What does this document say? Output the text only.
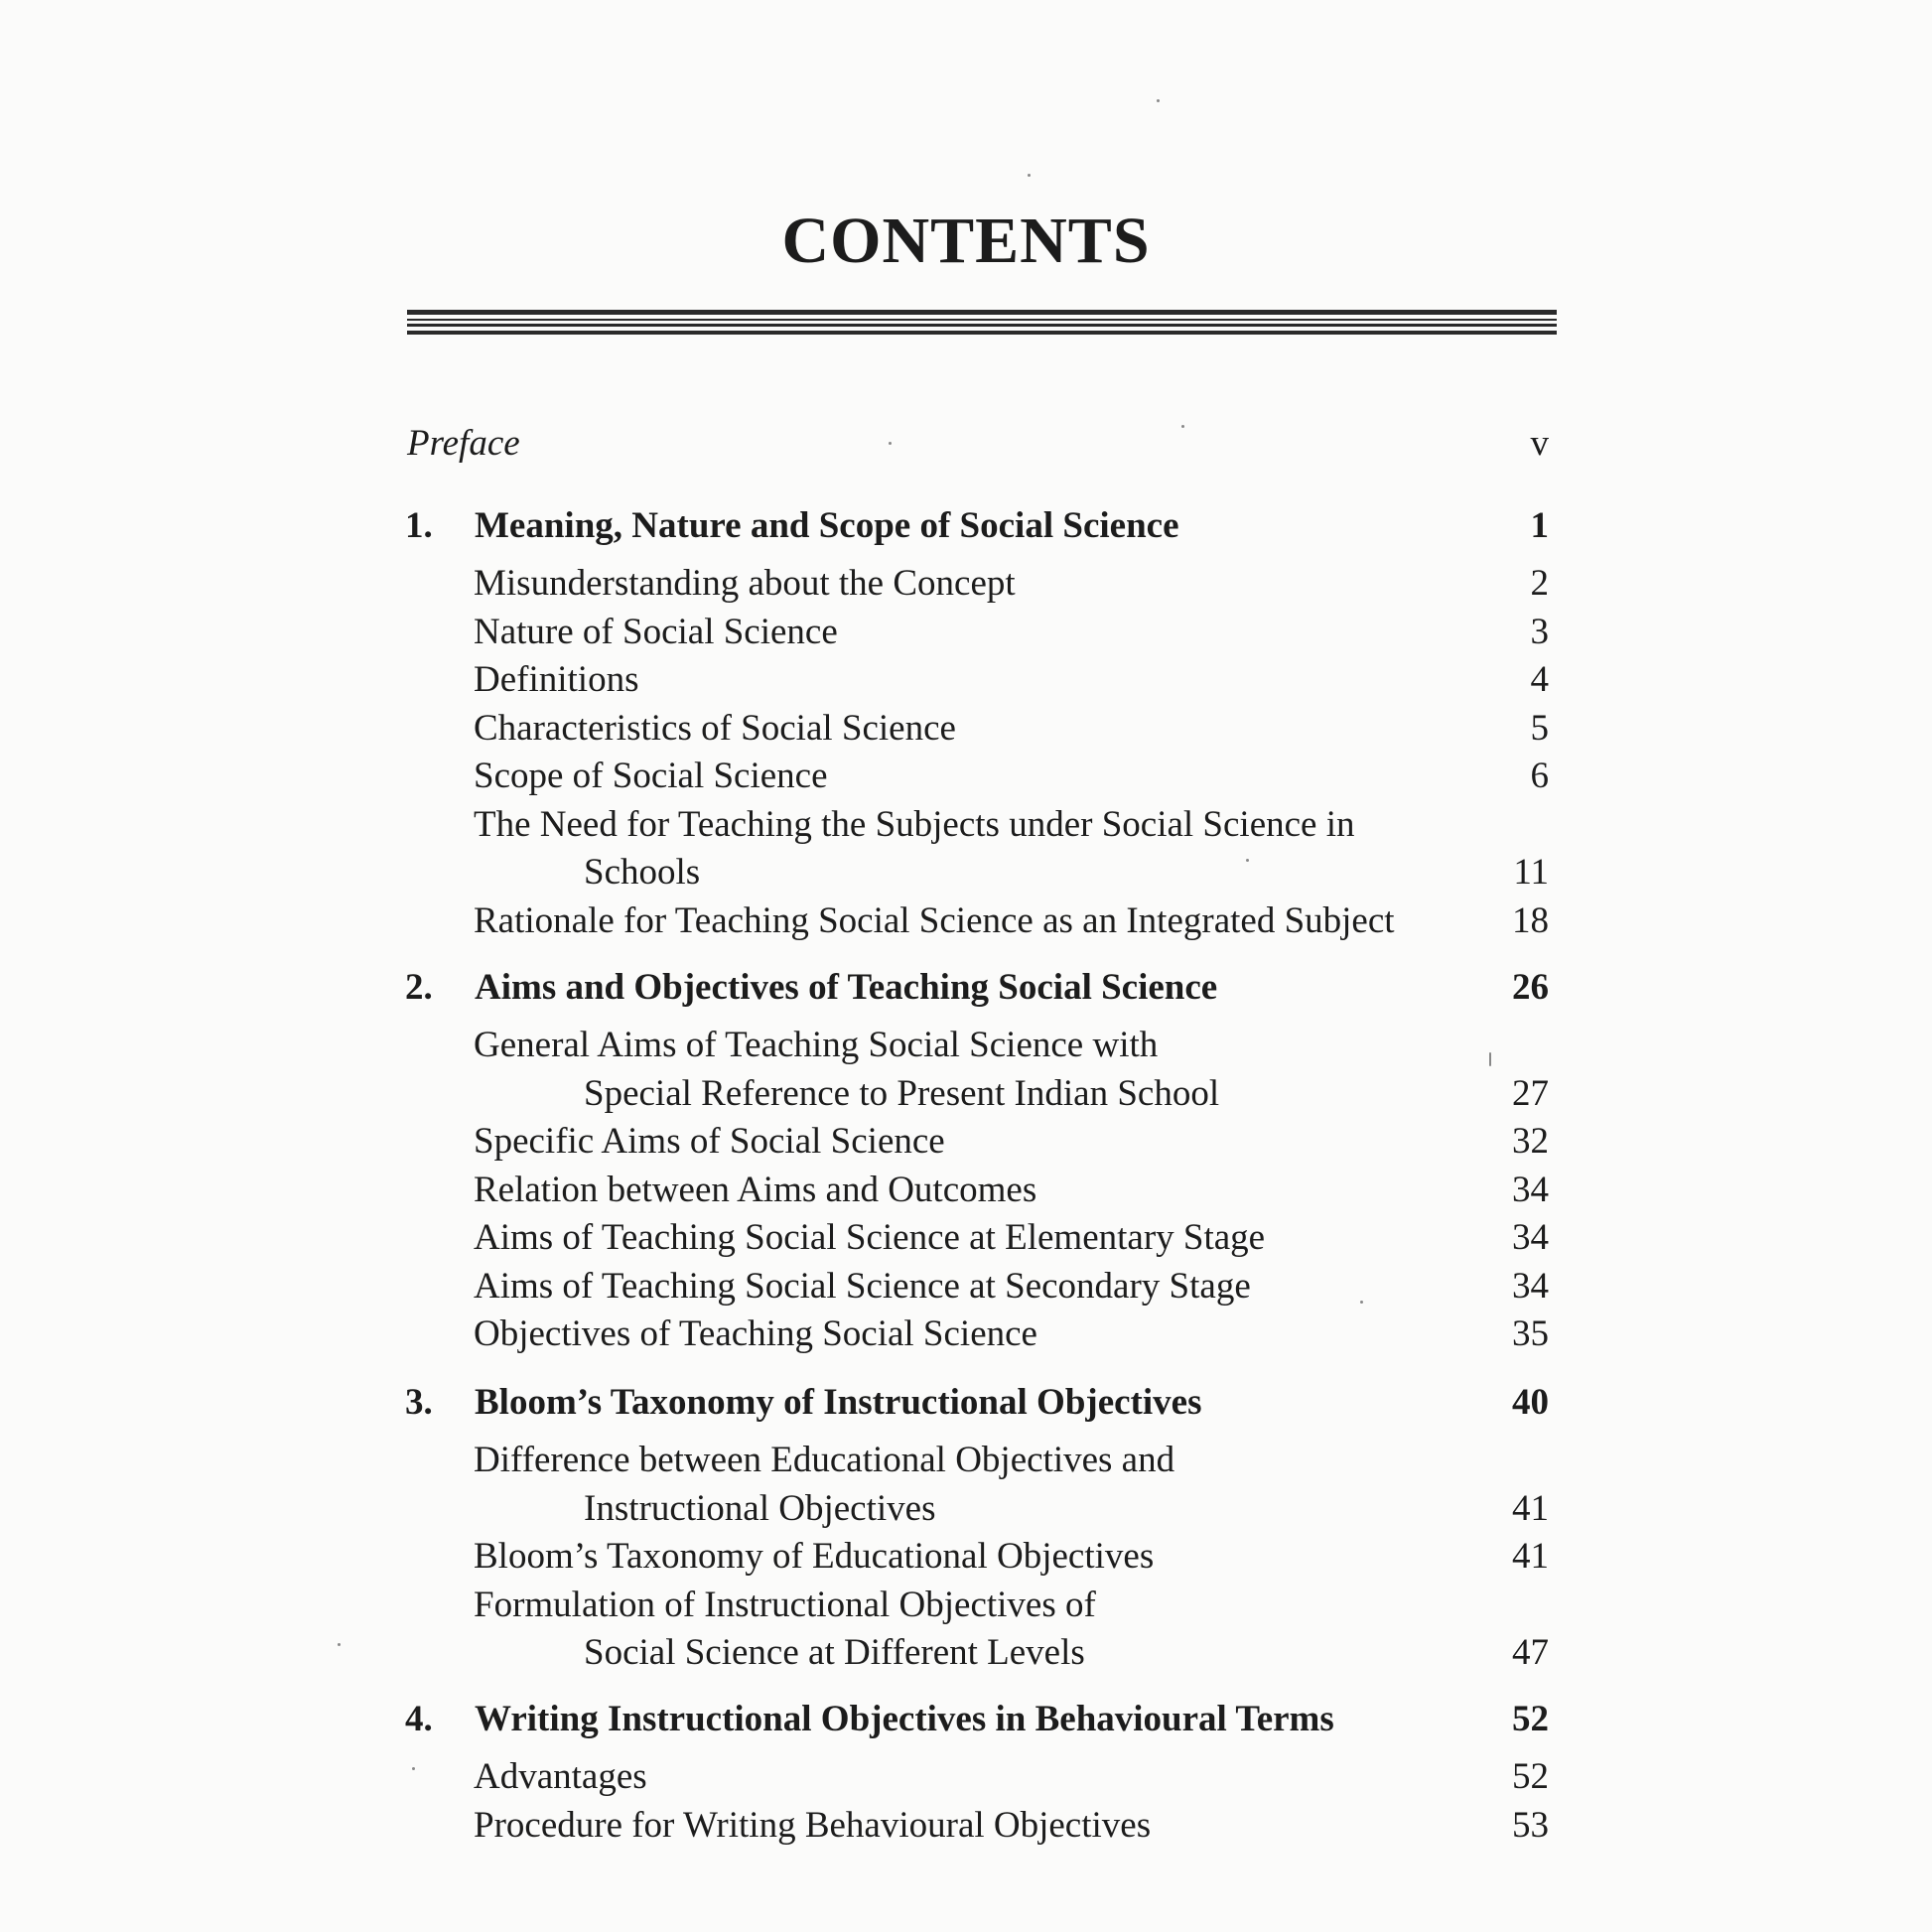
CONTENTS
Preface	v
1. Meaning, Nature and Scope of Social Science	1
Misunderstanding about the Concept	2
Nature of Social Science	3
Definitions	4
Characteristics of Social Science	5
Scope of Social Science	6
The Need for Teaching the Subjects under Social Science in
Schools	11
Rationale for Teaching Social Science as an Integrated Subject	18
2. Aims and Objectives of Teaching Social Science	26
General Aims of Teaching Social Science with
Special Reference to Present Indian School	27
Specific Aims of Social Science	32
Relation between Aims and Outcomes	34
Aims of Teaching Social Science at Elementary Stage	34
Aims of Teaching Social Science at Secondary Stage	34
Objectives of Teaching Social Science	35
3. Bloom’s Taxonomy of Instructional Objectives	40
Difference between Educational Objectives and
Instructional Objectives	41
Bloom’s Taxonomy of Educational Objectives	41
Formulation of Instructional Objectives of
Social Science at Different Levels	47
4. Writing Instructional Objectives in Behavioural Terms	52
Advantages	52
Procedure for Writing Behavioural Objectives	53
